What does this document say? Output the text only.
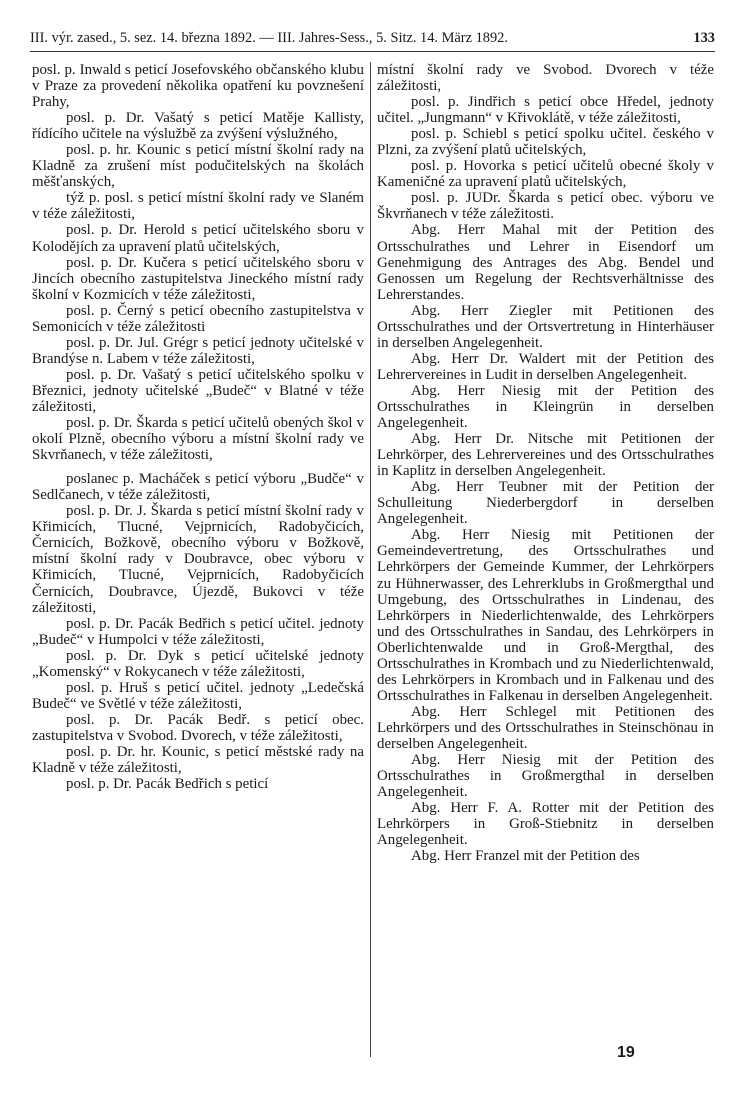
III. výr. zased., 5. sez. 14. března 1892. — III. Jahres-Sess., 5. Sitz. 14. März 1892.	133

posl. p. Inwald s peticí Josefovského občanského klubu v Praze za provedení několika opatření ku povznešení Prahy,

posl. p. Dr. Vašatý s peticí Matěje Kallisty, řídícího učitele na výslužbě za zvýšení výslužného,

posl. p. hr. Kounic s peticí místní školní rady na Kladně za zrušení míst podučitelských na školách měšťanských,

týž p. posl. s peticí místní školní rady ve Slaném v téže záležitosti,

posl. p. Dr. Herold s peticí učitelského sboru v Kolodějích za upravení platů učitelských,

posl. p. Dr. Kučera s peticí učitelského sboru v Jincích obecního zastupitelstva Jineckého místní rady školní v Kozmicích v téže záležitosti,

posl. p. Černý s peticí obecního zastupitelstva v Semonicích v téže záležitosti

posl. p. Dr. Jul. Grégr s peticí jednoty učitelské v Brandýse n. Labem v téže záležitosti,

posl. p. Dr. Vašatý s peticí učitelského spolku v Březnici, jednoty učitelské „Budeč“ v Blatné v téže záležitosti,

posl. p. Dr. Škarda s peticí učitelů obených škol v okolí Plzně, obecního výboru a místní školní rady ve Skvrňanech, v téže záležitosti,

poslanec p. Macháček s peticí výboru „Budče“ v Sedlčanech, v téže záležitosti,

posl. p. Dr. J. Škarda s peticí místní školní rady v Křimicích, Tlucné, Vejprnicích, Radobyčicích, Černicích, Božkově, obecního výboru v Božkově, místní školní rady v Doubravce, obec výboru v Křimicích, Tlucné, Vejprnicích, Radobyčicích Černicích, Doubravce, Újezdě, Bukovci v téže záležitosti,

posl. p. Dr. Pacák Bedřich s peticí učitel. jednoty „Budeč“ v Humpolci v téže záležitosti,

posl. p. Dr. Dyk s peticí učitelské jednoty „Komenský“ v Rokycanech v téže záležitosti,

posl. p. Hruš s peticí učitel. jednoty „Ledečská Budeč“ ve Světlé v téže záležitosti,

posl. p. Dr. Pacák Bedř. s peticí obec. zastupitelstva v Svobod. Dvorech, v téže záležitosti,

posl. p. Dr. hr. Kounic, s peticí městské rady na Kladně v téže záležitosti,

posl. p. Dr. Pacák Bedřich s peticí

místní školní rady ve Svobod. Dvorech v téže záležitosti,

posl. p. Jindřich s peticí obce Hředel, jednoty učitel. „Jungmann“ v Křivoklátě, v téže záležitosti,

posl. p. Schiebl s peticí spolku učitel. českého v Plzni, za zvýšení platů učitelských,

posl. p. Hovorka s peticí učitelů obecné školy v Kameničné za upravení platů učitelských,

posl. p. JUDr. Škarda s peticí obec. výboru ve Škvrňanech v téže záležitosti.

Abg. Herr Mahal mit der Petition des Ortsschulrathes und Lehrer in Eisendorf um Genehmigung des Antrages des Abg. Bendel und Genossen um Regelung der Rechtsverhältnisse des Lehrerstandes.

Abg. Herr Ziegler mit Petitionen des Ortsschulrathes und der Ortsvertretung in Hinterhäuser in derselben Angelegenheit.

Abg. Herr Dr. Waldert mit der Petition des Lehrervereines in Ludit in derselben Angelegenheit.

Abg. Herr Niesig mit der Petition des Ortsschulrathes in Kleingrün in derselben Angelegenheit.

Abg. Herr Dr. Nitsche mit Petitionen der Lehrkörper, des Lehrervereines und des Ortsschulrathes in Kaplitz in derselben Angelegenheit.

Abg. Herr Teubner mit der Petition der Schulleitung Niederbergdorf in derselben Angelegenheit.

Abg. Herr Niesig mit Petitionen der Gemeindevertretung, des Ortsschulrathes und Lehrkörpers der Gemeinde Kummer, der Lehrkörpers zu Hühnerwasser, des Lehrerklubs in Großmergthal und Umgebung, des Ortsschulrathes in Lindenau, des Lehrkörpers in Niederlichtenwalde, des Lehrkörpers und des Ortsschulrathes in Sandau, des Lehrkörpers in Oberlichtenwalde und in Groß-Mergthal, des Ortsschulrathes in Krombach und zu Niederlichtenwald, des Lehrkörpers in Krombach und in Falkenau und des Ortsschulrathes in Falkenau in derselben Angelegenheit.

Abg. Herr Schlegel mit Petitionen des Lehrkörpers und des Ortsschulrathes in Steinschönau in derselben Angelegenheit.

Abg. Herr Niesig mit der Petition des Ortsschulrathes in Großmergthal in derselben Angelegenheit.

Abg. Herr F. A. Rotter mit der Petition des Lehrkörpers in Groß-Stiebnitz in derselben Angelegenheit.

Abg. Herr Franzel mit der Petition des

19
